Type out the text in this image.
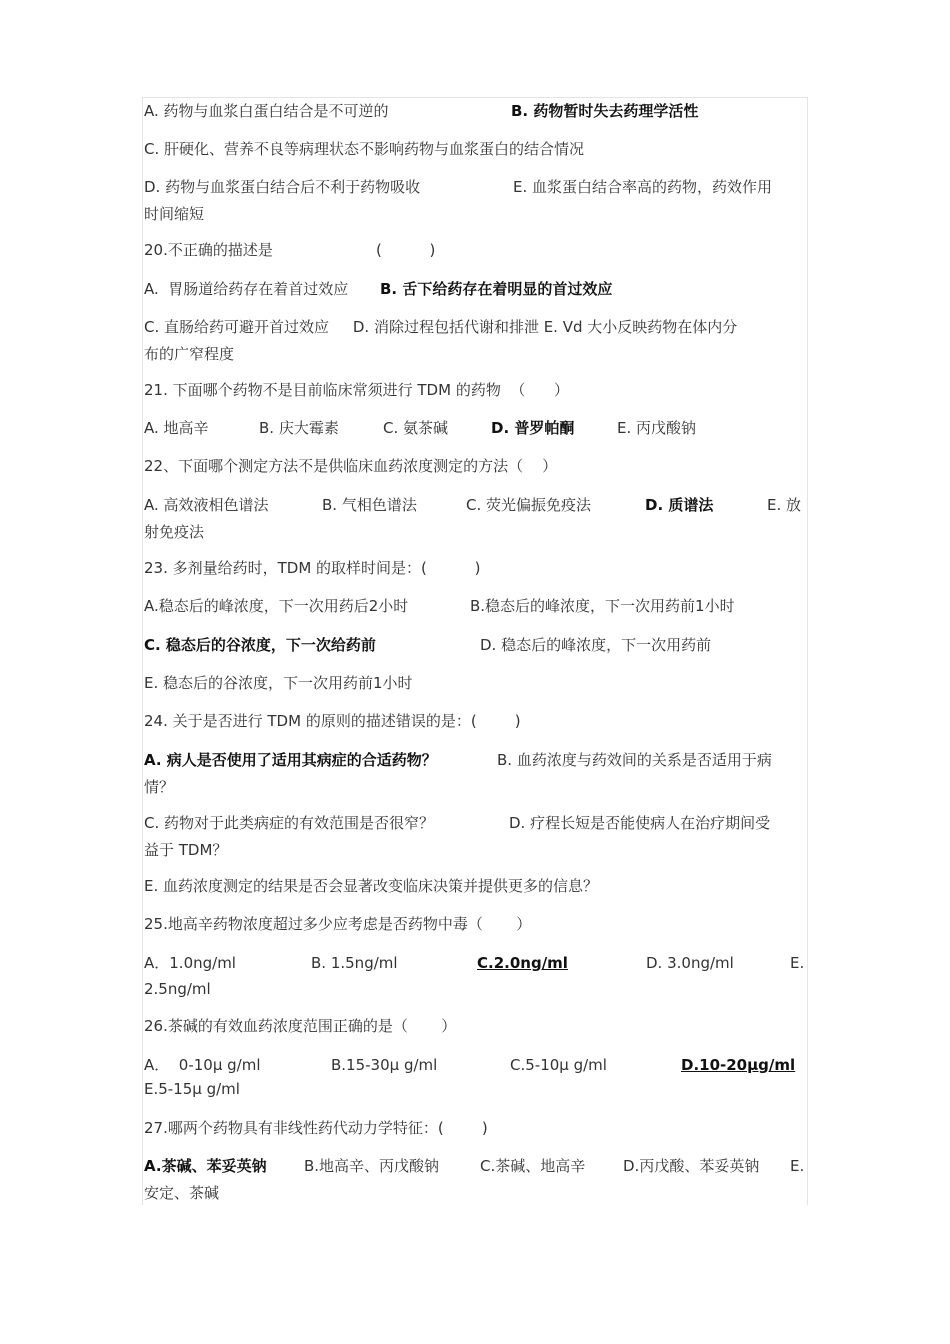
A. 药物与血浆白蛋白结合是不可逆的	B. 药物暂时失去药理学活性
C. 肝硬化、营养不良等病理状态不影响药物与血浆蛋白的结合情况
D. 药物与血浆蛋白结合后不利于药物吸收	E. 血浆蛋白结合率高的药物，药效作用
时间缩短
20.不正确的描述是	(          )
A.  胃肠道给药存在着首过效应 B. 舌下给药存在着明显的首过效应
C. 直肠给药可避开首过效应     D. 消除过程包括代谢和排泄 E. Vd 大小反映药物在体内分
布的广窄程度
21. 下面哪个药物不是目前临床常须进行 TDM 的药物  （      ）
A. 地高辛	B. 庆大霉素	C. 氨茶碱	D. 普罗帕酮	E. 丙戊酸钠
22、下面哪个测定方法不是供临床血药浓度测定的方法（    ）
A. 高效液相色谱法	B. 气相色谱法	C. 荧光偏振免疫法	D. 质谱法	E. 放
射免疫法
23. 多剂量给药时，TDM 的取样时间是：(          )
A.稳态后的峰浓度，下一次用药后2小时	B.稳态后的峰浓度，下一次用药前1小时
C. 稳态后的谷浓度，下一次给药前	D. 稳态后的峰浓度，下一次用药前
E. 稳态后的谷浓度，下一次用药前1小时
24. 关于是否进行 TDM 的原则的描述错误的是：(        )
A. 病人是否使用了适用其病症的合适药物？	B. 血药浓度与药效间的关系是否适用于病
情？
C. 药物对于此类病症的有效范围是否很窄？	D. 疗程长短是否能使病人在治疗期间受
益于 TDM？
E. 血药浓度测定的结果是否会显著改变临床决策并提供更多的信息？
25.地高辛药物浓度超过多少应考虑是否药物中毒（       ）
A．1.0ng/ml	B. 1.5ng/ml	C.2.0ng/ml	D. 3.0ng/ml	E.
2.5ng/ml
26.茶碱的有效血药浓度范围正确的是（       ）
A．  0-10μ g/ml	B.15-30μ g/ml	C.5-10μ g/ml	D.10-20μg/ml
E.5-15μ g/ml
27.哪两个药物具有非线性药代动力学特征：(        )
A.茶碱、苯妥英钠 B.地高辛、丙戊酸钠	C.茶碱、地高辛	D.丙戊酸、苯妥英钠 E.
安定、茶碱
